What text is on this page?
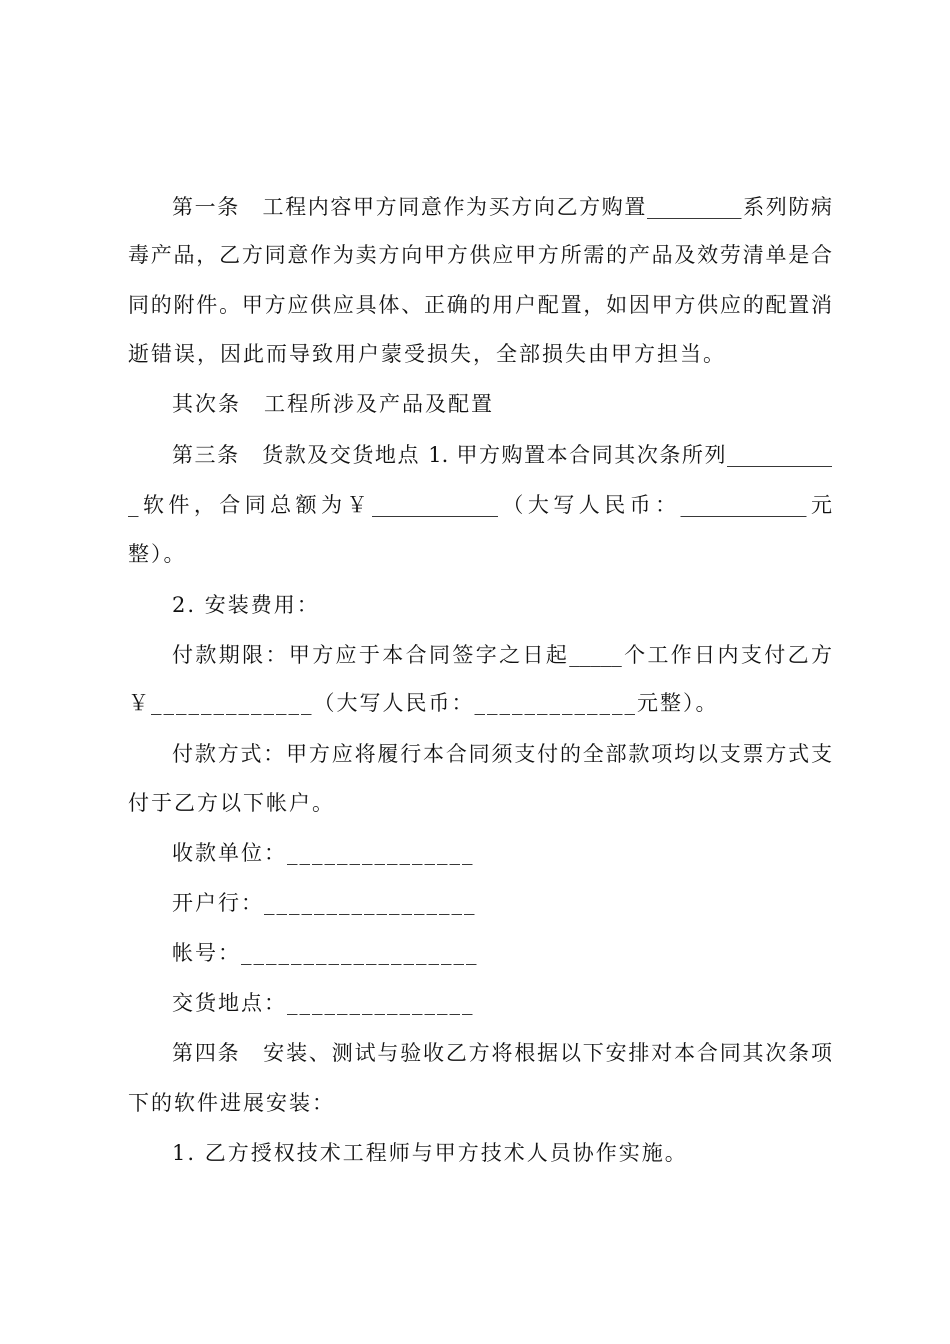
第一条　工程内容甲方同意作为买方向乙方购置_________系列防病
毒产品，乙方同意作为卖方向甲方供应甲方所需的产品及效劳清单是合
同的附件。甲方应供应具体、正确的用户配置，如因甲方供应的配置消
逝错误，因此而导致用户蒙受损失，全部损失由甲方担当。
其次条　工程所涉及产品及配置
第三条　货款及交货地点 1. 甲方购置本合同其次条所列__________
_软件，合同总额为￥____________（大写人民币：____________元
整）。
2. 安装费用：
付款期限：甲方应于本合同签字之日起_____个工作日内支付乙方
￥_____________（大写人民币：_____________元整）。
付款方式：甲方应将履行本合同须支付的全部款项均以支票方式支
付于乙方以下帐户。
收款单位：_______________
开户行：_________________
帐号：___________________
交货地点：_______________
第四条　安装、测试与验收乙方将根据以下安排对本合同其次条项
下的软件进展安装：
1. 乙方授权技术工程师与甲方技术人员协作实施。
